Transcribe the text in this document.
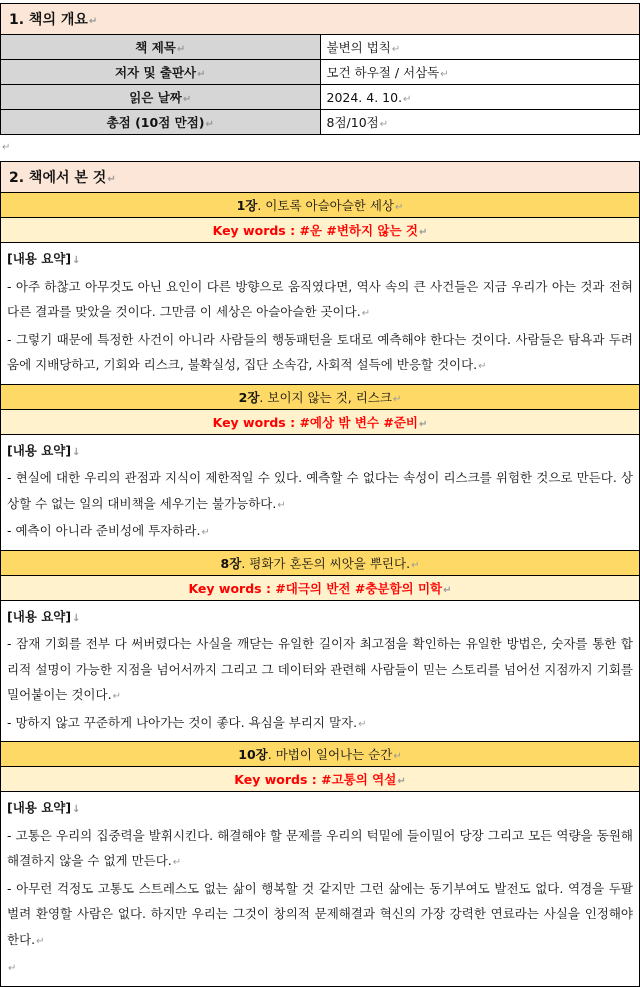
1. 책의 개요↵	
책 제목↵	불변의 법칙↵
저자 및 출판사↵	모건 하우절 / 서삼독↵
읽은 날짜↵	2024. 4. 10.↵
총점 (10점 만점)↵	8점/10점↵
↵
2. 책에서 본 것↵
1장. 이토록 아슬아슬한 세상↵
Key words : #운 #변하지 않는 것↵

[내용 요약]↓

- 아주 하찮고 아무것도 아닌 요인이 다른 방향으로 움직였다면, 역사 속의 큰 사건들은 지금 우리가 아는 것과 전혀 다른 결과를 맞았을 것이다. 그만큼 이 세상은 아슬아슬한 곳이다.↵

- 그렇기 때문에 특정한 사건이 아니라 사람들의 행동패턴을 토대로 예측해야 한다는 것이다. 사람들은 탐욕과 두려움에 지배당하고, 기회와 리스크, 불확실성, 집단 소속감, 사회적 설득에 반응할 것이다.↵

2장. 보이지 않는 것, 리스크↵
Key words : #예상 밖 변수 #준비↵

[내용 요약]↓

- 현실에 대한 우리의 관점과 지식이 제한적일 수 있다. 예측할 수 없다는 속성이 리스크를 위험한 것으로 만든다. 상상할 수 없는 일의 대비책을 세우기는 불가능하다.↵

- 예측이 아니라 준비성에 투자하라.↵

8장. 평화가 혼돈의 씨앗을 뿌린다.↵
Key words : #대극의 반전 #충분함의 미학↵

[내용 요약]↓

- 잠재 기회를 전부 다 써버렸다는 사실을 깨닫는 유일한 길이자 최고점을 확인하는 유일한 방법은, 숫자를 통한 합리적 설명이 가능한 지점을 넘어서까지 그리고 그 데이터와 관련해 사람들이 믿는 스토리를 넘어선 지점까지 기회를 밀어붙이는 것이다.↵

- 망하지 않고 꾸준하게 나아가는 것이 좋다. 욕심을 부리지 말자.↵

10장. 마법이 일어나는 순간↵
Key words : #고통의 역설↵

[내용 요약]↓

- 고통은 우리의 집중력을 발휘시킨다. 해결해야 할 문제를 우리의 턱밑에 들이밀어 당장 그리고 모든 역량을 동원해 해결하지 않을 수 없게 만든다.↵

- 아무런 걱정도 고통도 스트레스도 없는 삶이 행복할 것 같지만 그런 삶에는 동기부여도 발전도 없다. 역경을 두팔벌려 환영할 사람은 없다. 하지만 우리는 그것이 창의적 문제해결과 혁신의 가장 강력한 연료라는 사실을 인정해야 한다.↵

↵
